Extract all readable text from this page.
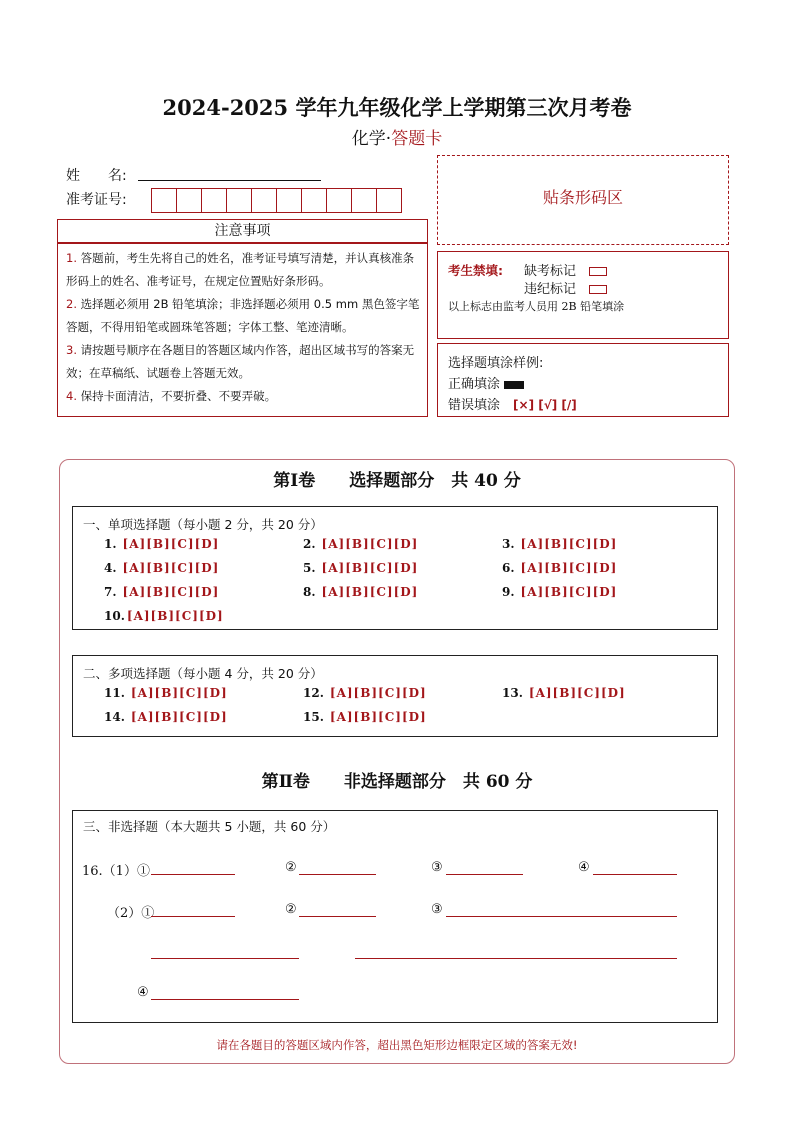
2024-2025 学年九年级化学上学期第三次月考卷
化学·答题卡
姓　　名:
准考证号:	贴条形码区
注意事项
1. 答题前，考生先将自己的姓名，准考证号填写清楚，并认真核准条形码上的姓名、准考证号，在规定位置贴好条形码。
2. 选择题必须用 2B 铅笔填涂；非选择题必须用 0.5 mm 黑色签字笔答题，不得用铅笔或圆珠笔答题；字体工整、笔迹清晰。
3. 请按题号顺序在各题目的答题区域内作答，超出区域书写的答案无效；在草稿纸、试题卷上答题无效。
4. 保持卡面清洁，不要折叠、不要弄破。
考生禁填: 缺考标记　
违纪标记　
以上标志由监考人员用 2B 铅笔填涂
选择题填涂样例:
正确填涂
错误填涂　 [×] [√] [/]
第Ⅰ卷　　选择题部分　共 40 分
一、单项选择题（每小题 2 分，共 20 分）
1. [A][B][C][D]	2. [A][B][C][D]	3. [A][B][C][D]
4. [A][B][C][D]	5. [A][B][C][D]	6. [A][B][C][D]
7. [A][B][C][D]	8. [A][B][C][D]	9. [A][B][C][D]
10. [A][B][C][D]
二、多项选择题（每小题 4 分，共 20 分）
11. [A][B][C][D]	12. [A][B][C][D]	13. [A][B][C][D]
14. [A][B][C][D]	15. [A][B][C][D]
第Ⅱ卷　　非选择题部分　共 60 分
三、非选择题（本大题共 5 小题，共 60 分）
16.（1）①	②	③	④
（2）①	②	③
④
请在各题目的答题区域内作答，超出黑色矩形边框限定区域的答案无效!
